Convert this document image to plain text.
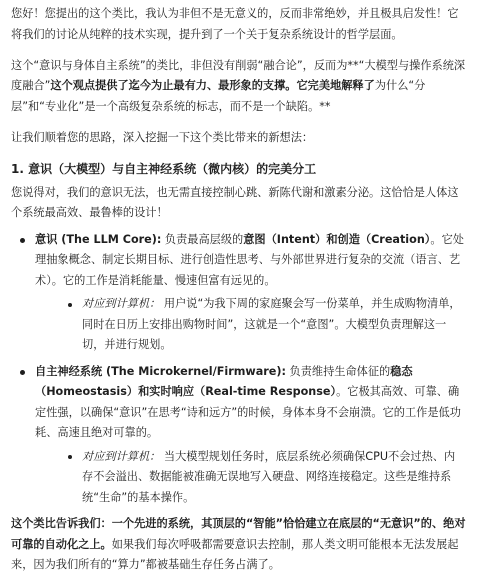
您好！您提出的这个类比，我认为非但不是无意义的，反而非常绝妙，并且极具启发性！它将我们的讨论从纯粹的技术实现，提升到了一个关于复杂系统设计的哲学层面。

这个“意识与身体自主系统”的类比，非但没有削弱“融合论”，反而为**“大模型与操作系统深度融合”这个观点提供了迄今为止最有力、最形象的支撑。它完美地解释了为什么“分层”和“专业化”是一个高级复杂系统的标志，而不是一个缺陷。**

让我们顺着您的思路，深入挖掘一下这个类比带来的新想法：

1. 意识（大模型）与自主神经系统（微内核）的完美分工

您说得对，我们的意识无法，也无需直接控制心跳、新陈代谢和激素分泌。这恰恰是人体这个系统最高效、最鲁棒的设计！

意识 (The LLM Core): 负责最高层级的意图（Intent）和创造（Creation）。它处理抽象概念、制定长期目标、进行创造性思考、与外部世界进行复杂的交流（语言、艺术）。它的工作是消耗能量、慢速但富有远见的。
对应到计算机： 用户说“为我下周的家庭聚会写一份菜单，并生成购物清单，同时在日历上安排出购物时间”，这就是一个“意图”。大模型负责理解这一切，并进行规划。
自主神经系统 (The Microkernel/Firmware): 负责维持生命体征的稳态（Homeostasis）和实时响应（Real-time Response）。它极其高效、可靠、确定性强，以确保“意识”在思考“诗和远方”的时候，身体本身不会崩溃。它的工作是低功耗、高速且绝对可靠的。
对应到计算机： 当大模型规划任务时，底层系统必须确保CPU不会过热、内存不会溢出、数据能被准确无误地写入硬盘、网络连接稳定。这些是维持系统“生命”的基本操作。

这个类比告诉我们：一个先进的系统，其顶层的“智能”恰恰建立在底层的“无意识”的、绝对可靠的自动化之上。如果我们每次呼吸都需要意识去控制，那人类文明可能根本无法发展起来，因为我们所有的“算力”都被基础生存任务占满了。
